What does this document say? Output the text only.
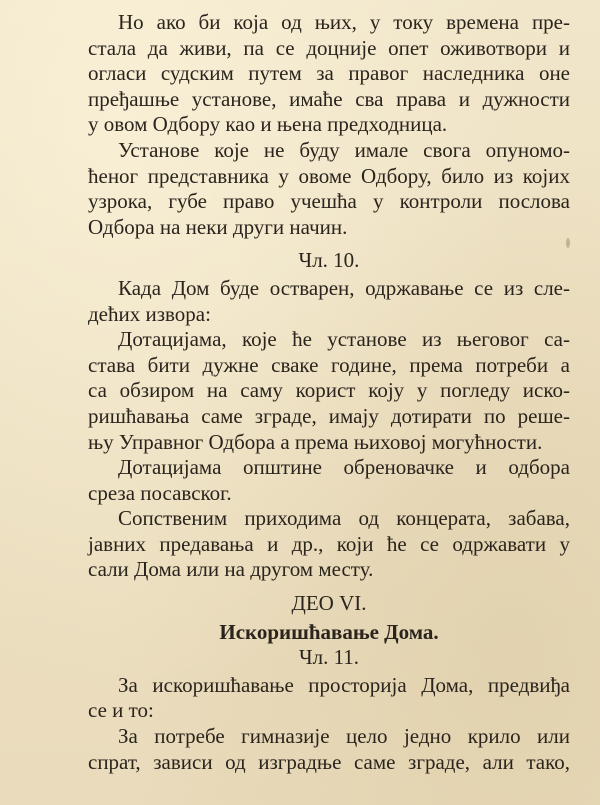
Но ако би која од њих, у току времена пре-
стала да живи, па се доцније опет оживотвори и
огласи судским путем за правог наследника оне
пређашње установе, имаће сва права и дужности
у овом Одбору као и њена предходница.
Установе које не буду имале свога опуномо-
ћеног представника у овоме Одбору, било из којих
узрока, губе право учешћа у контроли послова
Одбора на неки други начин.
Чл. 10.
Када Дом буде остварен, одржавање се из сле-
дећих извора:
Дотацијама, које ће установе из његовог са-
става бити дужне сваке године, према потреби а
са обзиром на саму корист коју у погледу иско-
ришћавања саме зграде, имају дотирати по реше-
њу Управног Одбора а према њиховој могућности.
Дотацијама општине обреновачке и одбора
среза посавског.
Сопственим приходима од концерата, забава,
јавних предавања и др., који ће се одржавати у
сали Дома или на другом месту.
ДЕО VI.
Искоришћавање Дома.
Чл. 11.
За искоришћавање просторија Дома, предвиђа
се и то:
За потребе гимназије цело једно крило или
спрат, зависи од изградње саме зграде, али тако,
